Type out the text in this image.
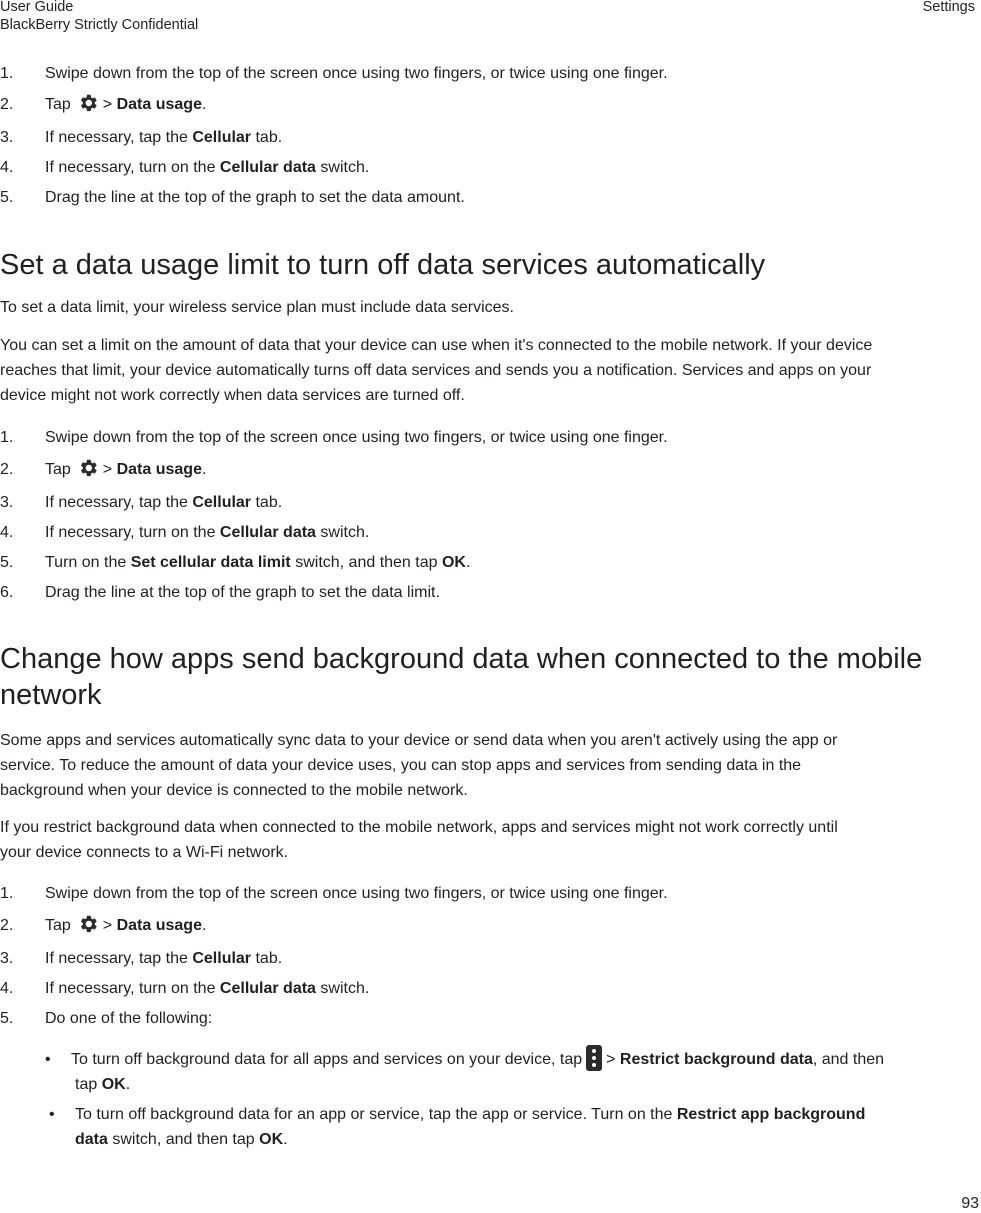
User Guide
BlackBerry Strictly Confidential
Settings
1. Swipe down from the top of the screen once using two fingers, or twice using one finger.
2. Tap > Data usage.
3. If necessary, tap the Cellular tab.
4. If necessary, turn on the Cellular data switch.
5. Drag the line at the top of the graph to set the data amount.
Set a data usage limit to turn off data services automatically
To set a data limit, your wireless service plan must include data services.
You can set a limit on the amount of data that your device can use when it's connected to the mobile network. If your device
reaches that limit, your device automatically turns off data services and sends you a notification. Services and apps on your
device might not work correctly when data services are turned off.
1. Swipe down from the top of the screen once using two fingers, or twice using one finger.
2. Tap > Data usage.
3. If necessary, tap the Cellular tab.
4. If necessary, turn on the Cellular data switch.
5. Turn on the Set cellular data limit switch, and then tap OK.
6. Drag the line at the top of the graph to set the data limit.
Change how apps send background data when connected to the mobile
network
Some apps and services automatically sync data to your device or send data when you aren't actively using the app or
service. To reduce the amount of data your device uses, you can stop apps and services from sending data in the
background when your device is connected to the mobile network.
If you restrict background data when connected to the mobile network, apps and services might not work correctly until
your device connects to a Wi-Fi network.
1. Swipe down from the top of the screen once using two fingers, or twice using one finger.
2. Tap > Data usage.
3. If necessary, tap the Cellular tab.
4. If necessary, turn on the Cellular data switch.
5. Do one of the following:
• To turn off background data for all apps and services on your device, tap > Restrict background data, and then
tap OK.
• To turn off background data for an app or service, tap the app or service. Turn on the Restrict app background
data switch, and then tap OK.
93
